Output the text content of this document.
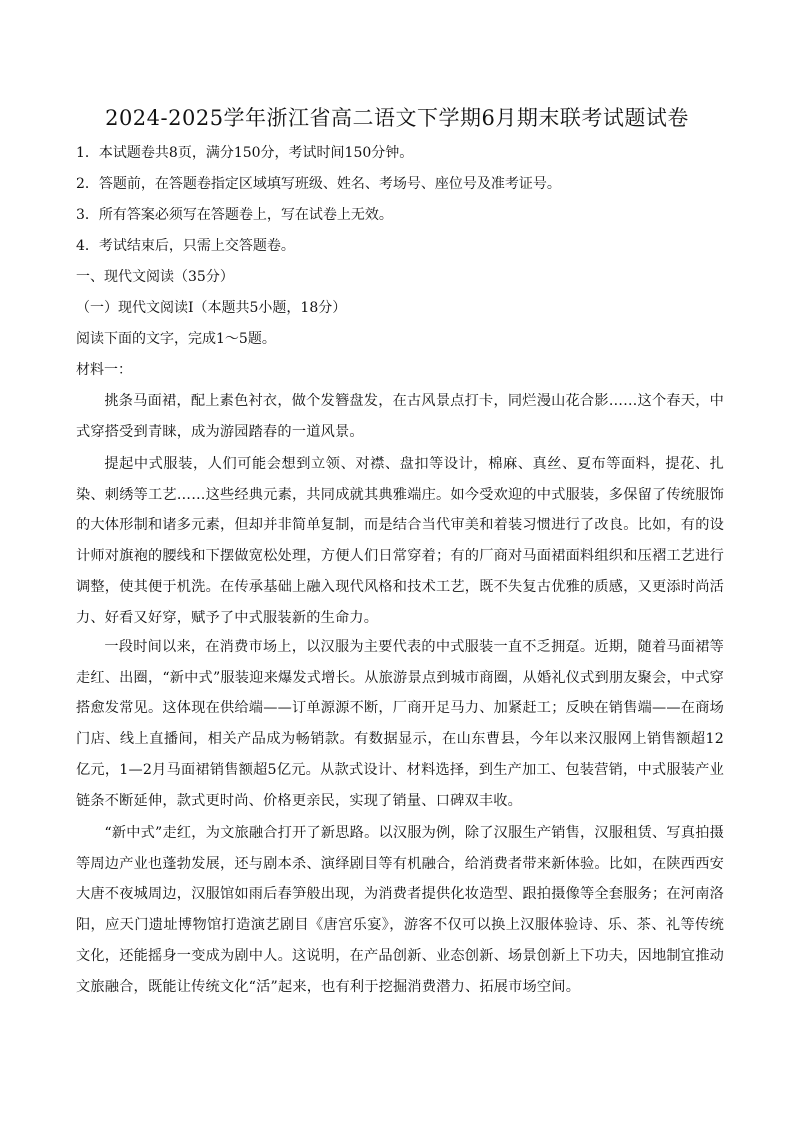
2024-2025学年浙江省高二语文下学期6月期末联考试题试卷

1．本试题卷共8页，满分150分，考试时间150分钟。

2．答题前，在答题卷指定区域填写班级、姓名、考场号、座位号及准考证号。

3．所有答案必须写在答题卷上，写在试卷上无效。

4．考试结束后，只需上交答题卷。

一、现代文阅读（35分）

（一）现代文阅读Ⅰ（本题共5小题，18分）

阅读下面的文字，完成1～5题。

材料一：

挑条马面裙，配上素色衬衣，做个发簪盘发，在古风景点打卡，同烂漫山花合影……这个春天，中式穿搭受到青睐，成为游园踏春的一道风景。

提起中式服装，人们可能会想到立领、对襟、盘扣等设计，棉麻、真丝、夏布等面料，提花、扎染、刺绣等工艺……这些经典元素，共同成就其典雅端庄。如今受欢迎的中式服装，多保留了传统服饰的大体形制和诸多元素，但却并非简单复制，而是结合当代审美和着装习惯进行了改良。比如，有的设计师对旗袍的腰线和下摆做宽松处理，方便人们日常穿着；有的厂商对马面裙面料组织和压褶工艺进行调整，使其便于机洗。在传承基础上融入现代风格和技术工艺，既不失复古优雅的质感，又更添时尚活力、好看又好穿，赋予了中式服装新的生命力。

一段时间以来，在消费市场上，以汉服为主要代表的中式服装一直不乏拥趸。近期，随着马面裙等走红、出圈，“新中式”服装迎来爆发式增长。从旅游景点到城市商圈，从婚礼仪式到朋友聚会，中式穿搭愈发常见。这体现在供给端——订单源源不断，厂商开足马力、加紧赶工；反映在销售端——在商场门店、线上直播间，相关产品成为畅销款。有数据显示，在山东曹县，今年以来汉服网上销售额超12亿元，1—2月马面裙销售额超5亿元。从款式设计、材料选择，到生产加工、包装营销，中式服装产业链条不断延伸，款式更时尚、价格更亲民，实现了销量、口碑双丰收。

“新中式”走红，为文旅融合打开了新思路。以汉服为例，除了汉服生产销售，汉服租赁、写真拍摄等周边产业也蓬勃发展，还与剧本杀、演绎剧目等有机融合，给消费者带来新体验。比如，在陕西西安大唐不夜城周边，汉服馆如雨后春笋般出现，为消费者提供化妆造型、跟拍摄像等全套服务；在河南洛阳，应天门遗址博物馆打造演艺剧目《唐宫乐宴》，游客不仅可以换上汉服体验诗、乐、茶、礼等传统文化，还能摇身一变成为剧中人。这说明，在产品创新、业态创新、场景创新上下功夫，因地制宜推动文旅融合，既能让传统文化“活”起来，也有利于挖掘消费潜力、拓展市场空间。
